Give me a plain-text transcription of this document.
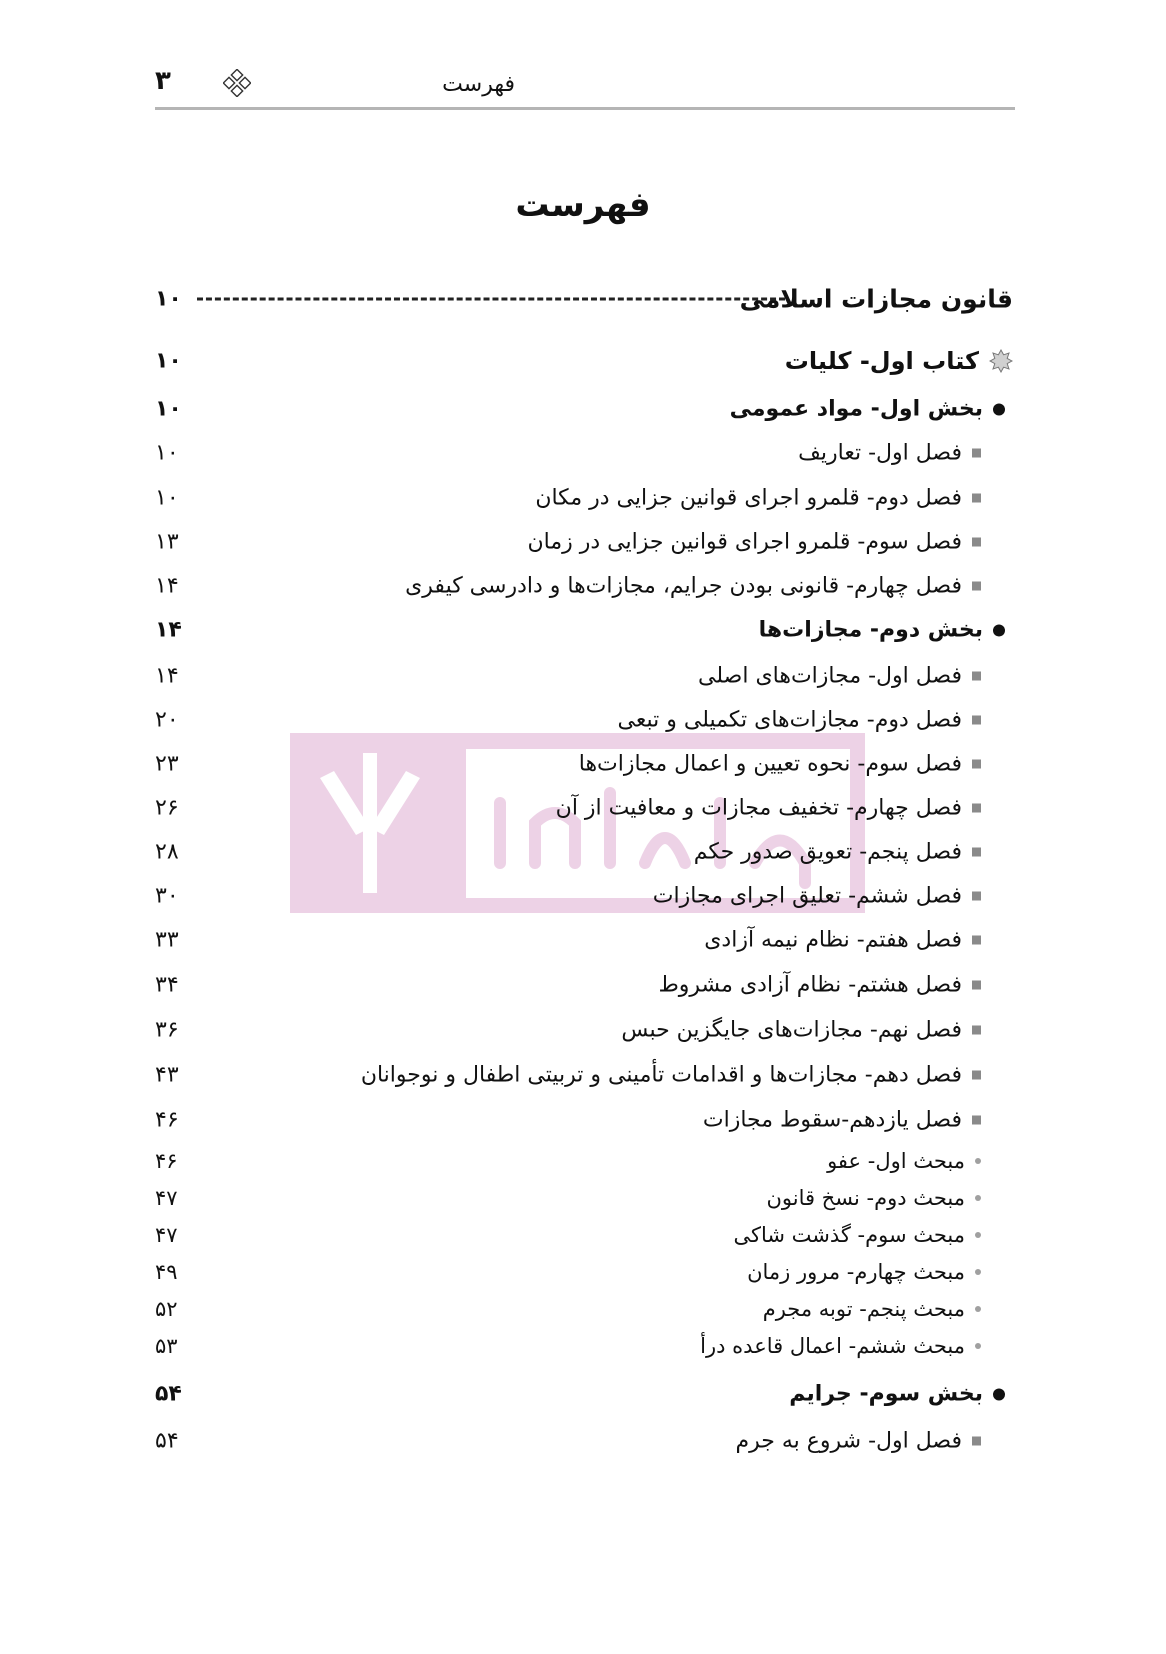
۳	فهرست
فهرست
قانون مجازات اسلامی
۱۰
کتاب اول- کلیات
۱۰
بخش اول- مواد عمومی
۱۰
فصل اول- تعاریف
۱۰
فصل دوم- قلمرو اجرای قوانین جزایی در مکان
۱۰
فصل سوم- قلمرو اجرای قوانین جزایی در زمان
۱۳
فصل چهارم- قانونی بودن جرایم، مجازات‌ها و دادرسی کیفری
۱۴
بخش دوم- مجازات‌ها
۱۴
فصل اول- مجازات‌های اصلی
۱۴
فصل دوم- مجازات‌های تکمیلی و تبعی
۲۰
فصل سوم- نحوه تعیین و اعمال مجازات‌ها
۲۳
فصل چهارم- تخفیف مجازات و معافیت از آن
۲۶
فصل پنجم- تعویق صدور حکم
۲۸
فصل ششم- تعلیق اجرای مجازات
۳۰
فصل هفتم- نظام نیمه آزادی
۳۳
فصل هشتم- نظام آزادی مشروط
۳۴
فصل نهم- مجازات‌های جایگزین حبس
۳۶
فصل دهم- مجازات‌ها و اقدامات تأمینی و تربیتی اطفال و نوجوانان
۴۳
فصل یازدهم-سقوط مجازات
۴۶
مبحث اول- عفو
۴۶
مبحث دوم- نسخ قانون
۴۷
مبحث سوم- گذشت شاکی
۴۷
مبحث چهارم- مرور زمان
۴۹
مبحث پنجم- توبه مجرم
۵۲
مبحث ششم- اعمال قاعده درأ
۵۳
بخش سوم- جرایم
۵۴
فصل اول- شروع به جرم
۵۴
